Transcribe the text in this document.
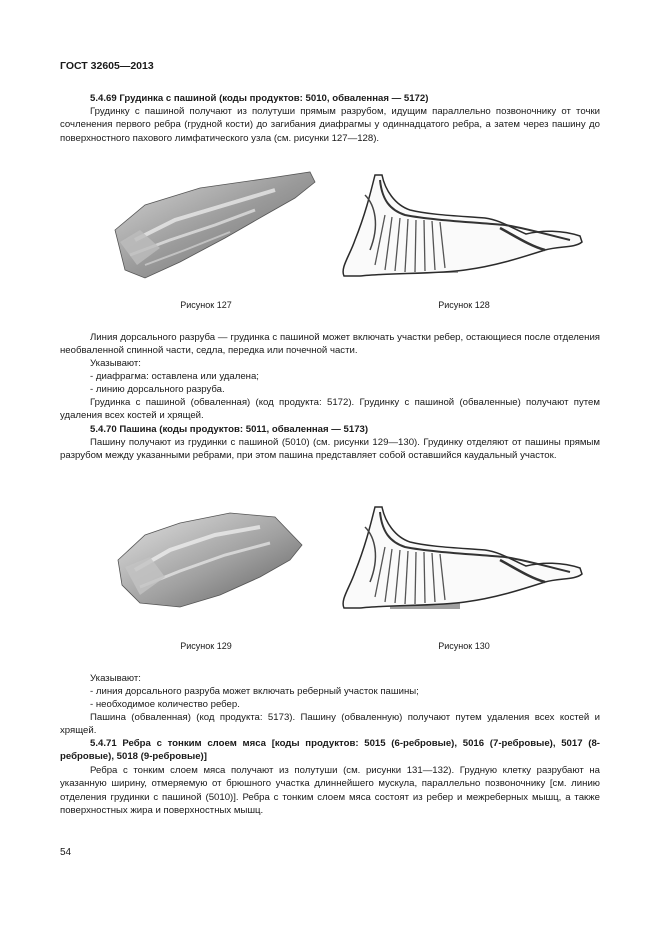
ГОСТ 32605—2013

5.4.69 Грудинка с пашиной (коды продуктов: 5010, обваленная — 5172)

Грудинку с пашиной получают из полутуши прямым разрубом, идущим параллельно позвоночнику от точки сочленения первого ребра (грудной кости) до загибания диафрагмы у одиннадцатого ребра, а затем через пашину до поверхностного пахового лимфатического узла (см. рисунки 127—128).

Рисунок 127	Рисунок 128

Линия дорсального разруба — грудинка с пашиной может включать участки ребер, остающиеся после отделения необваленной спинной части, седла, передка или почечной части.

Указывают:

- диафрагма: оставлена или удалена;

- линию дорсального разруба.

Грудинка с пашиной (обваленная) (код продукта: 5172). Грудинку с пашиной (обваленные) получают путем удаления всех костей и хрящей.

5.4.70 Пашина (коды продуктов: 5011, обваленная — 5173)

Пашину получают из грудинки с пашиной (5010) (см. рисунки 129—130). Грудинку отделяют от пашины прямым разрубом между указанными ребрами, при этом пашина представляет собой оставшийся каудальный участок.

Рисунок 129	Рисунок 130

Указывают:

- линия дорсального разруба может включать реберный участок пашины;

- необходимое количество ребер.

Пашина (обваленная) (код продукта: 5173). Пашину (обваленную) получают путем удаления всех костей и хрящей.

5.4.71 Ребра с тонким слоем мяса [коды продуктов: 5015 (6-ребровые), 5016 (7-ребровые), 5017 (8-ребровые), 5018 (9-ребровые)]

Ребра с тонким слоем мяса получают из полутуши (см. рисунки 131—132). Грудную клетку разрубают на указанную ширину, отмеряемую от брюшного участка длиннейшего мускула, параллельно позвоночнику [см. линию отделения грудинки с пашиной (5010)]. Ребра с тонким слоем мяса состоят из ребер и межреберных мышц, а также поверхностных жира и поверхностных мышц.

54
